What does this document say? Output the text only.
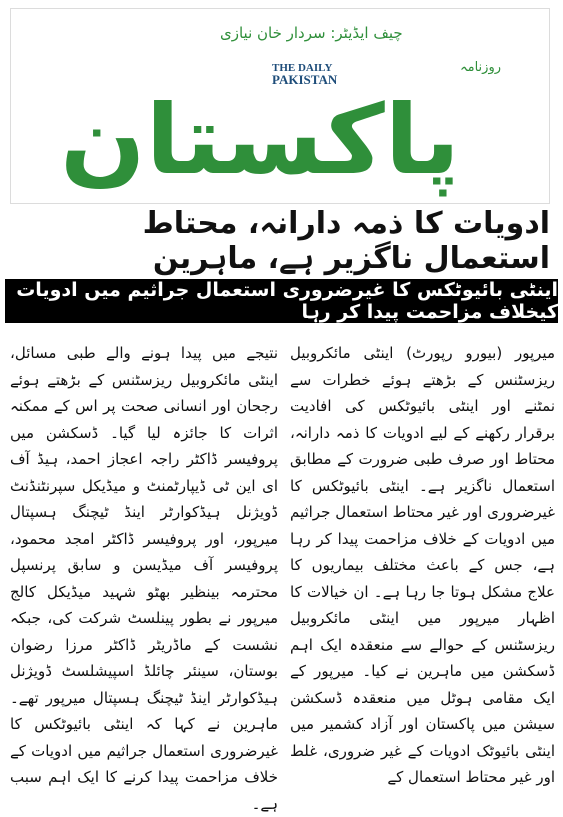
چیف ایڈیٹر: سردار خان نیازی
روزنامہ
THE DAILY
PAKISTAN
پاکستان
ادویات کا ذمہ دارانہ، محتاط استعمال ناگزیر ہے، ماہرین
اینٹی بائیوٹکس کا غیرضروری استعمال جراثیم میں ادویات کیخلاف مزاحمت پیدا کر رہا

میرپور (بیورو رپورٹ) اینٹی مائکروبیل ریزسٹنس کے بڑھتے ہوئے خطرات سے نمٹنے اور اینٹی بائیوٹکس کی افادیت برقرار رکھنے کے لیے ادویات کا ذمہ دارانہ، محتاط اور صرف طبی ضرورت کے مطابق استعمال ناگزیر ہے۔ اینٹی بائیوٹکس کا غیرضروری اور غیر محتاط استعمال جراثیم میں ادویات کے خلاف مزاحمت پیدا کر رہا ہے، جس کے باعث مختلف بیماریوں کا علاج مشکل ہوتا جا رہا ہے۔ ان خیالات کا اظہار میرپور میں اینٹی مائکروبیل ریزسٹنس کے حوالے سے منعقدہ ایک اہم ڈسکشن میں ماہرین نے کیا۔ میرپور کے ایک مقامی ہوٹل میں منعقدہ ڈسکشن سیشن میں پاکستان اور آزاد کشمیر میں اینٹی بائیوٹک ادویات کے غیر ضروری، غلط اور غیر محتاط استعمال کے

نتیجے میں پیدا ہونے والے طبی مسائل، اینٹی مائکروبیل ریزسٹنس کے بڑھتے ہوئے رجحان اور انسانی صحت پر اس کے ممکنہ اثرات کا جائزہ لیا گیا۔ ڈسکشن میں پروفیسر ڈاکٹر راجہ اعجاز احمد، ہیڈ آف ای این ٹی ڈیپارٹمنٹ و میڈیکل سپرنٹنڈنٹ ڈویژنل ہیڈکوارٹر اینڈ ٹیچنگ ہسپتال میرپور، اور پروفیسر ڈاکٹر امجد محمود، پروفیسر آف میڈیسن و سابق پرنسپل محترمہ بینظیر بھٹو شہید میڈیکل کالج میرپور نے بطور پینلسٹ شرکت کی، جبکہ نشست کے ماڈریٹر ڈاکٹر مرزا رضوان بوستان، سینئر چائلڈ اسپیشلسٹ ڈویژنل ہیڈکوارٹر اینڈ ٹیچنگ ہسپتال میرپور تھے۔ ماہرین نے کہا کہ اینٹی بائیوٹکس کا غیرضروری استعمال جراثیم میں ادویات کے خلاف مزاحمت پیدا کرنے کا ایک اہم سبب ہے۔
